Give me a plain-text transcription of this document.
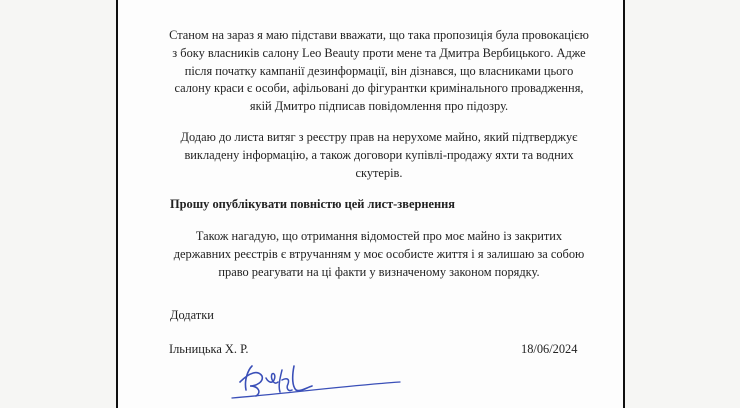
Станом на зараз я маю підстави вважати, що така пропозиція була провокацією з боку власників салону Leo Beauty проти мене та Дмитра Вербицького. Адже після початку кампанії дезинформації, він дізнався, що власниками цього салону краси є особи, афільовані до фігурантки кримінального провадження, якій Дмитро підписав повідомлення про підозру.

Додаю до листа витяг з реєстру прав на нерухоме майно, який підтверджує викладену інформацію, а також договори купівлі-продажу яхти та водних скутерів.

Прошу опублікувати повністю цей лист-звернення

Також нагадую, що отримання відомостей про моє майно із закритих державних реєстрів є втручанням у моє особисте життя і я залишаю за собою право реагувати на ці факти у визначеному законом порядку.

Додатки

Ільницька Х. Р.	18/06/2024
